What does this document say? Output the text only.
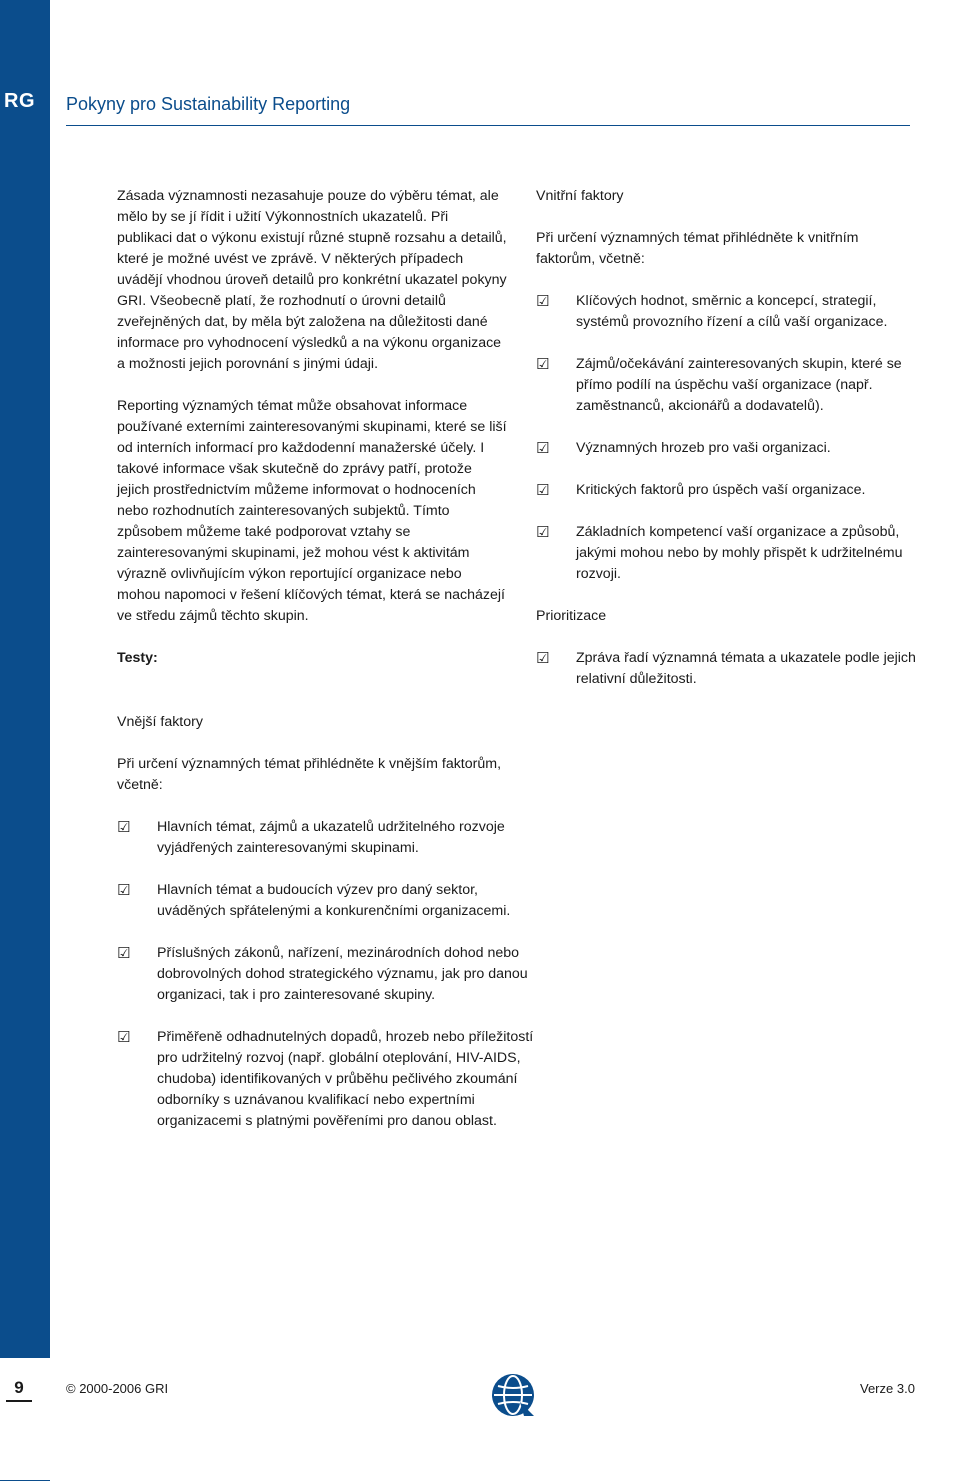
RG
9
Pokyny pro Sustainability Reporting

Zásada významnosti nezasahuje pouze do výběru témat, ale mělo by se jí řídit i užití Výkonnostních ukazatelů. Při publikaci dat o výkonu existují různé stupně rozsahu a detailů, které je možné uvést ve zprávě. V některých případech uvádějí vhodnou úroveň detailů pro konkrétní ukazatel pokyny GRI. Všeobecně platí, že rozhodnutí o úrovni detailů zveřejněných dat, by měla být založena na důležitosti dané informace pro vyhodnocení výsledků a na výkonu organizace a možnosti jejich porovnání s jinými údaji.

Reporting významých témat může obsahovat informace používané externími zainteresovanými skupinami, které se liší od interních informací pro každodenní manažerské účely. I takové informace však skutečně do zprávy patří, protože jejich prostřednictvím můžeme informovat o hodnoceních nebo rozhodnutích zainteresovaných subjektů. Tímto způsobem můžeme také podporovat vztahy se zainteresovanými skupinami, jež mohou vést k aktivitám výrazně ovlivňujícím výkon reportující organizace nebo mohou napomoci v řešení klíčových témat, která se nacházejí ve středu zájmů těchto skupin.

Testy:

Vnější faktory

Při určení významných témat přihlédněte k vnějším faktorům, včetně:

☑	Hlavních témat, zájmů a ukazatelů udržitelného rozvoje vyjádřených zainteresovanými skupinami.
☑	Hlavních témat a budoucích výzev pro daný sektor, uváděných spřátelenými a konkurenčními organizacemi.
☑	Příslušných zákonů, nařízení, mezinárodních dohod nebo dobrovolných dohod strategického významu, jak pro danou organizaci, tak i pro zainteresované skupiny.
☑	Přiměřeně odhadnutelných dopadů, hrozeb nebo příležitostí pro udržitelný rozvoj (např. globální oteplování, HIV-AIDS, chudoba) identifikovaných v průběhu pečlivého zkoumání odborníky s uznávanou kvalifikací nebo expertními organizacemi s platnými pověřeními pro danou oblast.

Vnitřní faktory

Při určení významných témat přihlédněte k vnitřním faktorům, včetně:

☑	Klíčových hodnot, směrnic a koncepcí, strategií, systémů provozního řízení a cílů vaší organizace.
☑	Zájmů/očekávání zainteresovaných skupin, které se přímo podílí na úspěchu vaší organizace (např. zaměstnanců, akcionářů a dodavatelů).
☑	Významných hrozeb pro vaši organizaci.
☑	Kritických faktorů pro úspěch vaší organizace.
☑	Základních kompetencí vaší organizace a způsobů, jakými mohou nebo by mohly přispět k udržitelnému rozvoji.

Prioritizace

☑	Zpráva řadí významná témata a ukazatele podle jejich relativní důležitosti.
© 2000-2006 GRI	Verze 3.0
